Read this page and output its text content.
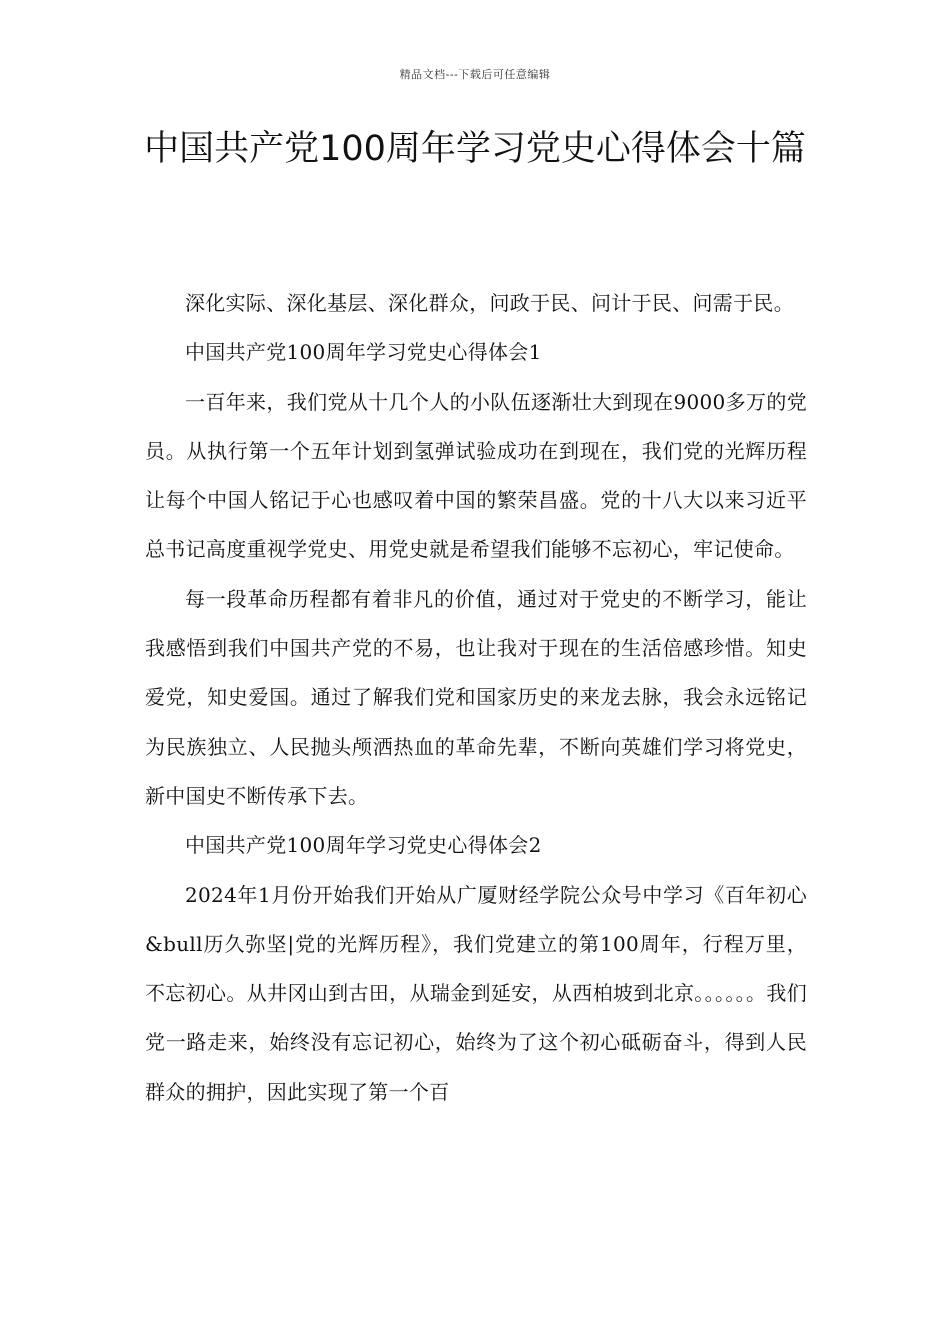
精品文档---下载后可任意编辑
中国共产党100周年学习党史心得体会十篇

深化实际、深化基层、深化群众，问政于民、问计于民、问需于民。

中国共产党100周年学习党史心得体会1

一百年来，我们党从十几个人的小队伍逐渐壮大到现在9000多万的党员。从执行第一个五年计划到氢弹试验成功在到现在，我们党的光辉历程让每个中国人铭记于心也感叹着中国的繁荣昌盛。党的十八大以来习近平总书记高度重视学党史、用党史就是希望我们能够不忘初心，牢记使命。

每一段革命历程都有着非凡的价值，通过对于党史的不断学习，能让我感悟到我们中国共产党的不易，也让我对于现在的生活倍感珍惜。知史爱党，知史爱国。通过了解我们党和国家历史的来龙去脉，我会永远铭记为民族独立、人民抛头颅洒热血的革命先辈，不断向英雄们学习将党史，新中国史不断传承下去。

中国共产党100周年学习党史心得体会2

2024年1月份开始我们开始从广厦财经学院公众号中学习《百年初心&bull历久弥坚|党的光辉历程》，我们党建立的第100周年，行程万里，不忘初心。从井冈山到古田，从瑞金到延安，从西柏坡到北京。。。。。。我们党一路走来，始终没有忘记初心，始终为了这个初心砥砺奋斗，得到人民群众的拥护，因此实现了第一个百
